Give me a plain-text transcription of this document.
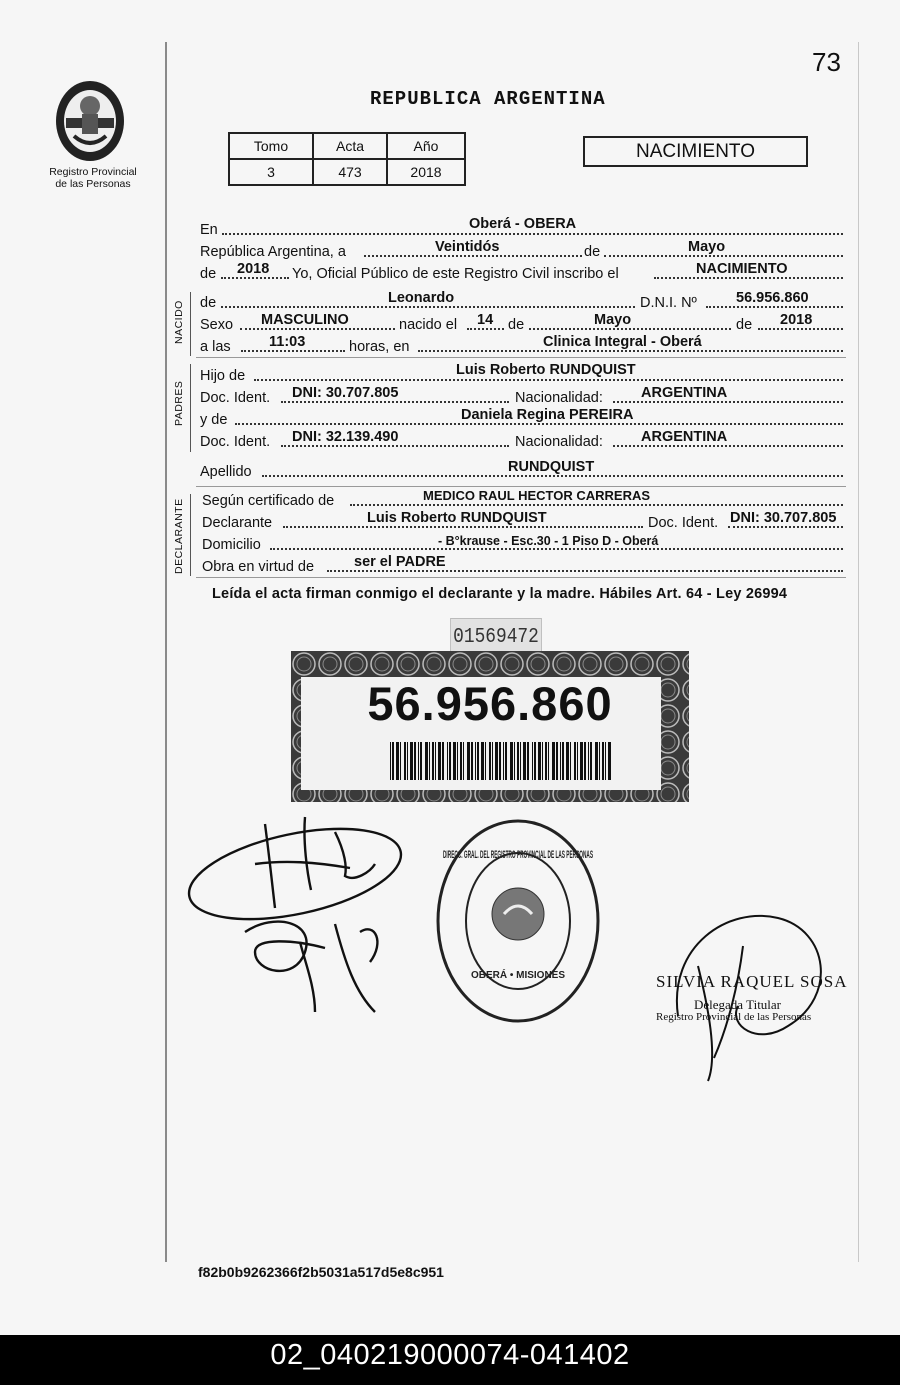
73
Registro Provincial
de las Personas
REPUBLICA ARGENTINA
Tomo	Acta	Año
3	473	2018
NACIMIENTO
En	Oberá - OBERA
República Argentina, a	Veintidós	de	Mayo
de 2018 Yo, Oficial Público de este Registro Civil inscribo el	NACIMIENTO
NACIDO de	Leonardo	D.N.I. Nº	56.956.860
Sexo MASCULINO	nacido el 14 de	Mayo	de 2018
a las	11:03	horas, en	Clinica Integral - Oberá
PADRES
Hijo de	Luis Roberto RUNDQUIST
Doc. Ident. DNI: 30.707.805	Nacionalidad:	ARGENTINA
y de	Daniela Regina PEREIRA
Doc. Ident. DNI: 32.139.490	Nacionalidad:	ARGENTINA
Apellido	RUNDQUIST
DECLARANTE Según certificado de	MEDICO RAUL HECTOR CARRERAS
Declarante	Luis Roberto RUNDQUIST	Doc. Ident. DNI: 30.707.805
Domicilio	- B°krause - Esc.30 - 1 Piso D - Oberá
Obra en virtud de	ser el PADRE
Leída el acta firman conmigo el declarante y la madre. Hábiles Art. 64 - Ley 26994
01569472
56.956.860
DIRECC. GRAL. DEL REGISTRO PROVINCIAL DE LAS PERSONAS
OBERÁ • MISIONES	SILVIA RAQUEL SOSA
Delegada Titular
Registro Provincial de las Personas
f82b0b9262366f2b5031a517d5e8c951
02_040219000074-041402
